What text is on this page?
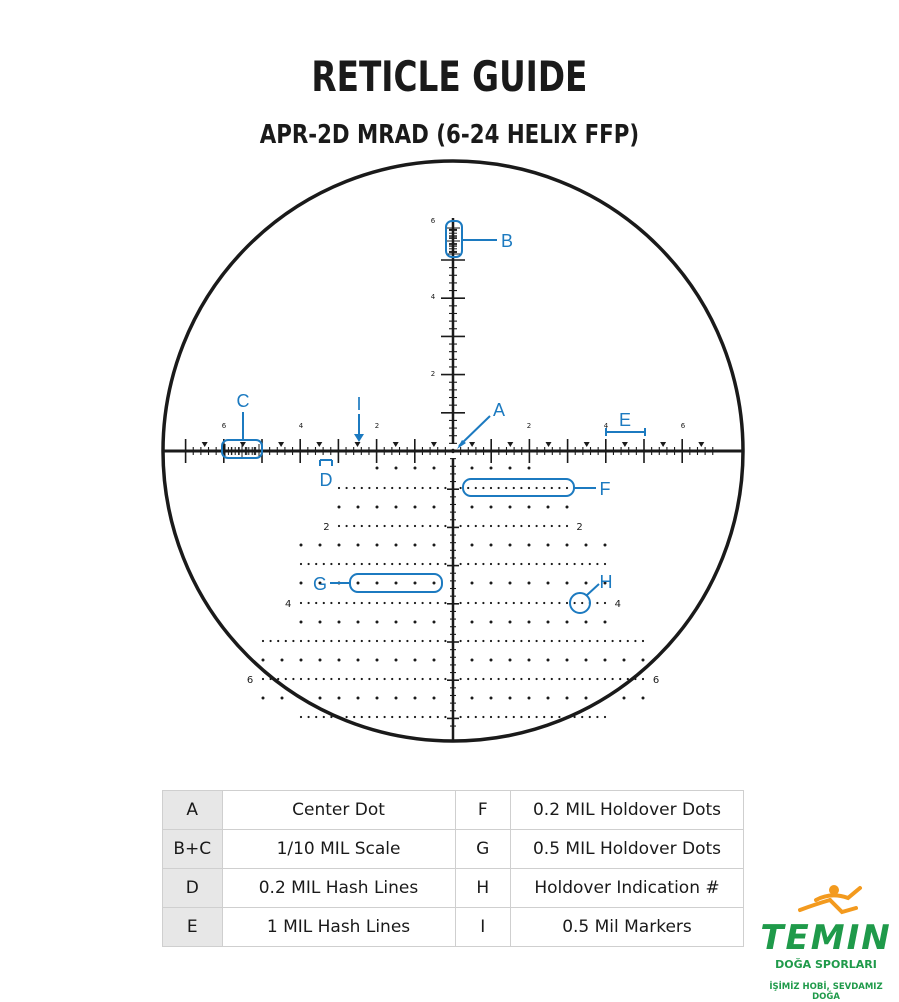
RETICLE GUIDE
APR-2D MRAD (6-24 HELIX FFP)
6
4
2
6	4	2	2	4	6
2	2
4	4
6	6
A
B
C
D
E
F
G	H
I
A	Center Dot	F	0.2 MIL Holdover Dots
B+C	1/10 MIL Scale	G	0.5 MIL Holdover Dots
D	0.2 MIL Hash Lines	H	Holdover Indication #
E	1 MIL Hash Lines	I	0.5 Mil Markers TEMIN
DOĞA SPORLARI
İŞİMİZ HOBİ, SEVDAMIZ DOĞA
